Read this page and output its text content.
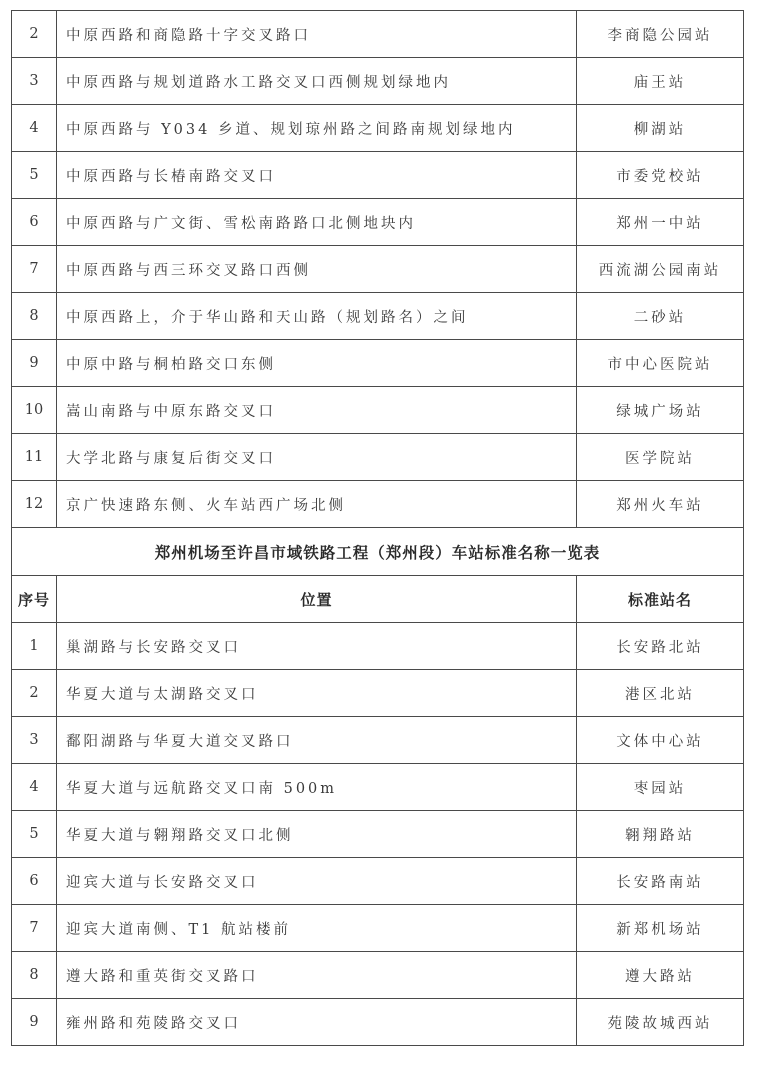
2	中原西路和商隐路十字交叉路口	李商隐公园站
3	中原西路与规划道路水工路交叉口西侧规划绿地内	庙王站
4	中原西路与 Y034 乡道、规划琼州路之间路南规划绿地内	柳湖站
5	中原西路与长椿南路交叉口	市委党校站
6	中原西路与广文街、雪松南路路口北侧地块内	郑州一中站
7	中原西路与西三环交叉路口西侧	西流湖公园南站
8	中原西路上，介于华山路和天山路（规划路名）之间	二砂站
9	中原中路与桐柏路交口东侧	市中心医院站
10	嵩山南路与中原东路交叉口	绿城广场站
11	大学北路与康复后街交叉口	医学院站
12	京广快速路东侧、火车站西广场北侧	郑州火车站
郑州机场至许昌市域铁路工程（郑州段）车站标准名称一览表		
序号	位置	标准站名
1	巢湖路与长安路交叉口	长安路北站
2	华夏大道与太湖路交叉口	港区北站
3	鄱阳湖路与华夏大道交叉路口	文体中心站
4	华夏大道与远航路交叉口南 500m	枣园站
5	华夏大道与翱翔路交叉口北侧	翱翔路站
6	迎宾大道与长安路交叉口	长安路南站
7	迎宾大道南侧、T1 航站楼前	新郑机场站
8	遵大路和重英街交叉路口	遵大路站
9	雍州路和苑陵路交叉口	苑陵故城西站
